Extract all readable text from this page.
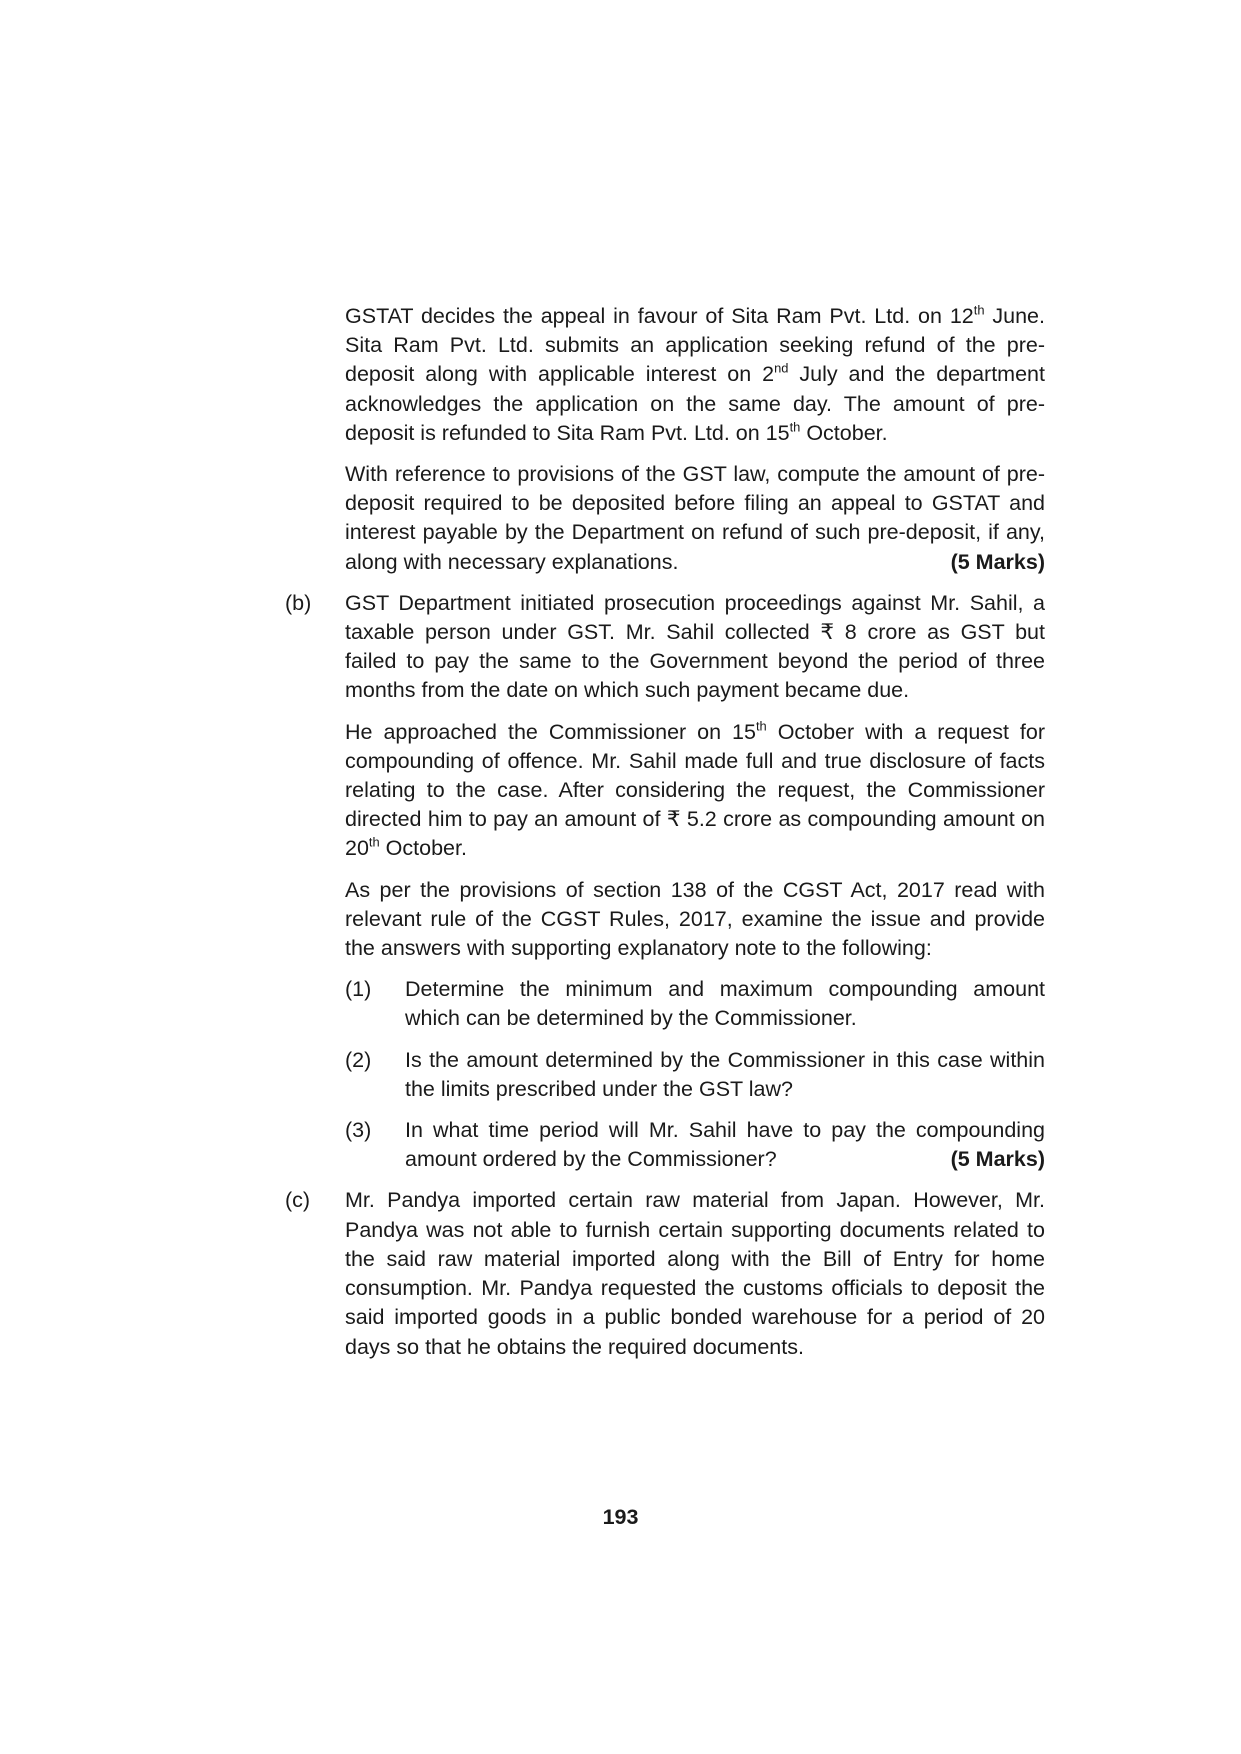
GSTAT decides the appeal in favour of Sita Ram Pvt. Ltd. on 12th June. Sita Ram Pvt. Ltd. submits an application seeking refund of the pre-deposit along with applicable interest on 2nd July and the department acknowledges the application on the same day. The amount of pre-deposit is refunded to Sita Ram Pvt. Ltd. on 15th October.

With reference to provisions of the GST law, compute the amount of pre-deposit required to be deposited before filing an appeal to GSTAT and interest payable by the Department on refund of such pre-deposit, if any, along with necessary explanations.	(5 Marks)

(b) GST Department initiated prosecution proceedings against Mr. Sahil, a taxable person under GST. Mr. Sahil collected ₹ 8 crore as GST but failed to pay the same to the Government beyond the period of three months from the date on which such payment became due.

He approached the Commissioner on 15th October with a request for compounding of offence. Mr. Sahil made full and true disclosure of facts relating to the case. After considering the request, the Commissioner directed him to pay an amount of ₹ 5.2 crore as compounding amount on 20th October.

As per the provisions of section 138 of the CGST Act, 2017 read with relevant rule of the CGST Rules, 2017, examine the issue and provide the answers with supporting explanatory note to the following:

(1) Determine the minimum and maximum compounding amount which can be determined by the Commissioner.
(2) Is the amount determined by the Commissioner in this case within the limits prescribed under the GST law?
(3) In what time period will Mr. Sahil have to pay the compounding amount ordered by the Commissioner?	(5 Marks)
(c) Mr. Pandya imported certain raw material from Japan. However, Mr. Pandya was not able to furnish certain supporting documents related to the said raw material imported along with the Bill of Entry for home consumption. Mr. Pandya requested the customs officials to deposit the said imported goods in a public bonded warehouse for a period of 20 days so that he obtains the required documents.

193
